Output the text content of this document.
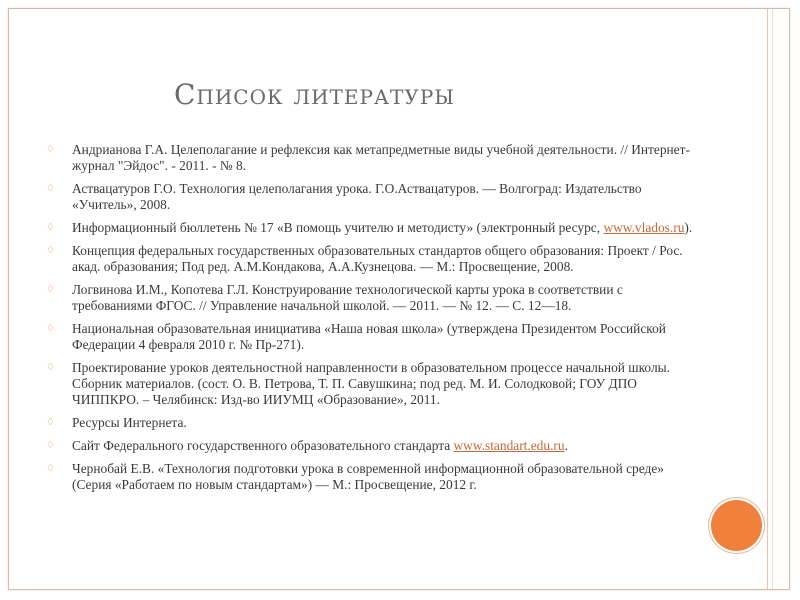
Список литературы
♢ Андрианова Г.А. Целеполагание и рефлексия как метапредметные виды учебной деятельности. // Интернет-журнал "Эйдос". - 2011. - № 8.
♢ Аствацатуров Г.О. Технология целеполагания урока. Г.О.Аствацатуров. — Волгоград: Издательство «Учитель», 2008.
♢ Информационный бюллетень № 17 «В помощь учителю и методисту» (электронный ресурс, www.vlados.ru).
♢ Концепция федеральных государственных образовательных стандартов общего образования: Проект / Рос. акад. образования; Под ред. А.М.Кондакова, А.А.Кузнецова. — М.: Просвещение, 2008.
♢ Логвинова И.М., Копотева Г.Л. Конструирование технологической карты урока в соответствии с требованиями ФГОС. // Управление начальной школой. — 2011. — № 12. — С. 12—18.
♢ Национальная образовательная инициатива «Наша новая школа» (утверждена Президентом Российской Федерации 4 февраля 2010 г. № Пр-271).
♢ Проектирование уроков деятельностной направленности в образовательном процессе начальной школы. Сборник материалов. (сост. О. В. Петрова, Т. П. Савушкина; под ред. М. И. Солодковой; ГОУ ДПО ЧИППКРО. – Челябинск: Изд-во ИИУМЦ «Образование», 2011.
♢ Ресурсы Интернета.
♢ Сайт Федерального государственного образовательного стандарта www.standart.edu.ru.
♢ Чернобай Е.В. «Технология подготовки урока в современной информационной образовательной среде» (Серия «Работаем по новым стандартам») — М.: Просвещение, 2012 г.
